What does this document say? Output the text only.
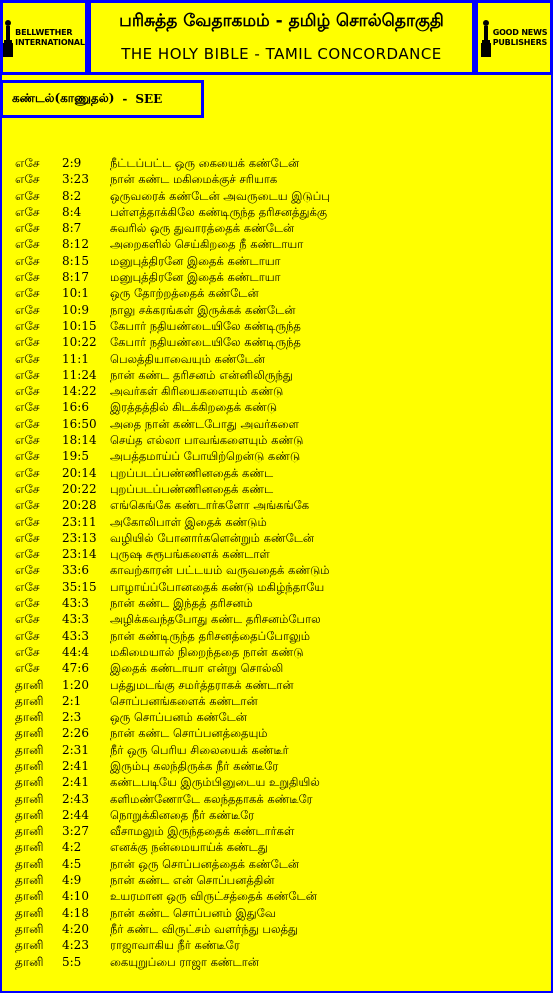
BELLWETHER
INTERNATIONAL
பரிசுத்த வேதாகமம் - தமிழ் சொல்தொகுதி
THE HOLY BIBLE - TAMIL CONCORDANCE
GOOD NEWS
PUBLISHERS
கண்டல்(காணுதல்) - SEE
எசே 2:9 நீட்டப்பட்ட ஒரு கையைக் கண்டேன்
எசே 3:23 நான் கண்ட மகிமைக்குச் சரியாக
எசே 8:2 ஒருவரைக் கண்டேன் அவருடைய இடுப்பு
எசே 8:4 பள்ளத்தாக்கிலே கண்டிருந்த தரிசனத்துக்கு
எசே 8:7 சுவரில் ஒரு துவாரத்தைக் கண்டேன்
எசே 8:12 அறைகளில் செய்கிறதை நீ கண்டாயா
எசே 8:15 மனுபுத்திரனே இதைக் கண்டாயா
எசே 8:17 மனுபுத்திரனே இதைக் கண்டாயா
எசே 10:1 ஒரு தோற்றத்தைக் கண்டேன்
எசே 10:9 நாலு சக்கரங்கள் இருக்கக் கண்டேன்
எசே 10:15 கேபார் நதியண்டையிலே கண்டிருந்த
எசே 10:22 கேபார் நதியண்டையிலே கண்டிருந்த
எசே 11:1 பெலத்தியாவையும் கண்டேன்
எசே 11:24 நான் கண்ட தரிசனம் என்னிலிருந்து
எசே 14:22 அவர்கள் கிரியைகளையும் கண்டு
எசே 16:6 இரத்தத்தில் கிடக்கிறதைக் கண்டு
எசே 16:50 அதை நான் கண்டபோது அவர்களை
எசே 18:14 செய்த எல்லா பாவங்களையும் கண்டு
எசே 19:5 அபத்தமாய்ப் போயிற்றென்டு கண்டு
எசே 20:14 புறப்படப்பண்ணினதைக் கண்ட
எசே 20:22 புறப்படப்பண்ணினதைக் கண்ட
எசே 20:28 எங்கெங்கே கண்டார்களோ அங்கங்கே
எசே 23:11 அகோலிபாள் இதைக் கண்டும்
எசே 23:13 வழியில் போனார்களென்றும் கண்டேன்
எசே 23:14 புருஷ சுரூபங்களைக் கண்டாள்
எசே 33:6 காவற்காரன் பட்டயம் வருவதைக் கண்டும்
எசே 35:15 பாழாய்ப்போனதைக் கண்டு மகிழ்ந்தாயே
எசே 43:3 நான் கண்ட இந்தத் தரிசனம்
எசே 43:3 அழிக்கவந்தபோது கண்ட தரிசனம்போல
எசே 43:3 நான் கண்டிருந்த தரிசனத்தைப்போலும்
எசே 44:4 மகிமையால் நிறைந்ததை நான் கண்டு
எசே 47:6 இதைக் கண்டாயா என்று சொல்லி
தானி 1:20 பத்துமடங்கு சமர்த்தராகக் கண்டான்
தானி 2:1 சொப்பனங்களைக் கண்டான்
தானி 2:3 ஒரு சொப்பனம் கண்டேன்
தானி 2:26 நான் கண்ட சொப்பனத்தையும்
தானி 2:31 நீர் ஒரு பெரிய சிலையைக் கண்டீர்
தானி 2:41 இரும்பு கலந்திருக்க நீர் கண்டீரே
தானி 2:41 கண்டபடியே இரும்பினுடைய உறுதியில்
தானி 2:43 களிமண்ணோடே கலந்ததாகக் கண்டீரே
தானி 2:44 நொறுக்கினதை நீர் கண்டீரே
தானி 3:27 வீசாமலும் இருந்ததைக் கண்டார்கள்
தானி 4:2 எனக்கு நன்மையாய்க் கண்டது
தானி 4:5 நான் ஒரு சொப்பனத்தைக் கண்டேன்
தானி 4:9 நான் கண்ட என் சொப்பனத்தின்
தானி 4:10 உயரமான ஒரு விருட்சத்தைக் கண்டேன்
தானி 4:18 நான் கண்ட சொப்பனம் இதுவே
தானி 4:20 நீர் கண்ட விருட்சம் வளர்ந்து பலத்து
தானி 4:23 ராஜாவாகிய நீர் கண்டீரே
தானி 5:5 கையுறுப்பை ராஜா கண்டான்
